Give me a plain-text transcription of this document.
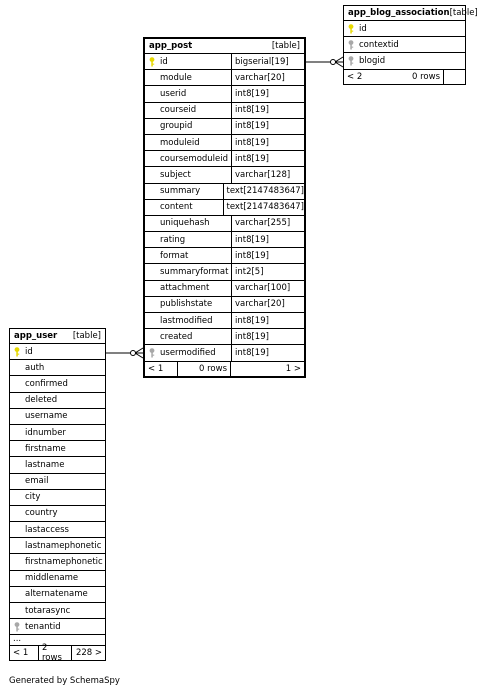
app_blog_association [table]
id
contextid
blogid
< 2	0 rows
app_post	[table]
id	bigserial[19]
module	varchar[20]
userid	int8[19]
courseid	int8[19]
groupid	int8[19]
moduleid	int8[19]
coursemoduleid int8[19]
subject	varchar[128]
summary	text[2147483647]
content	text[2147483647]
uniquehash	varchar[255]
rating	int8[19]
format	int8[19]
summaryformat int2[5]
attachment	varchar[100]
publishstate	varchar[20]
lastmodified	int8[19]
created	int8[19]
usermodified int8[19]
< 1	0 rows	1 >
app_user [table]
id
auth
confirmed
deleted
username
idnumber
firstname
lastname
email
city
country
lastaccess
lastnamephonetic
firstnamephonetic
middlename
alternatename
totarasync
tenantid
...
< 1	2 rows	228 >
Generated by SchemaSpy
